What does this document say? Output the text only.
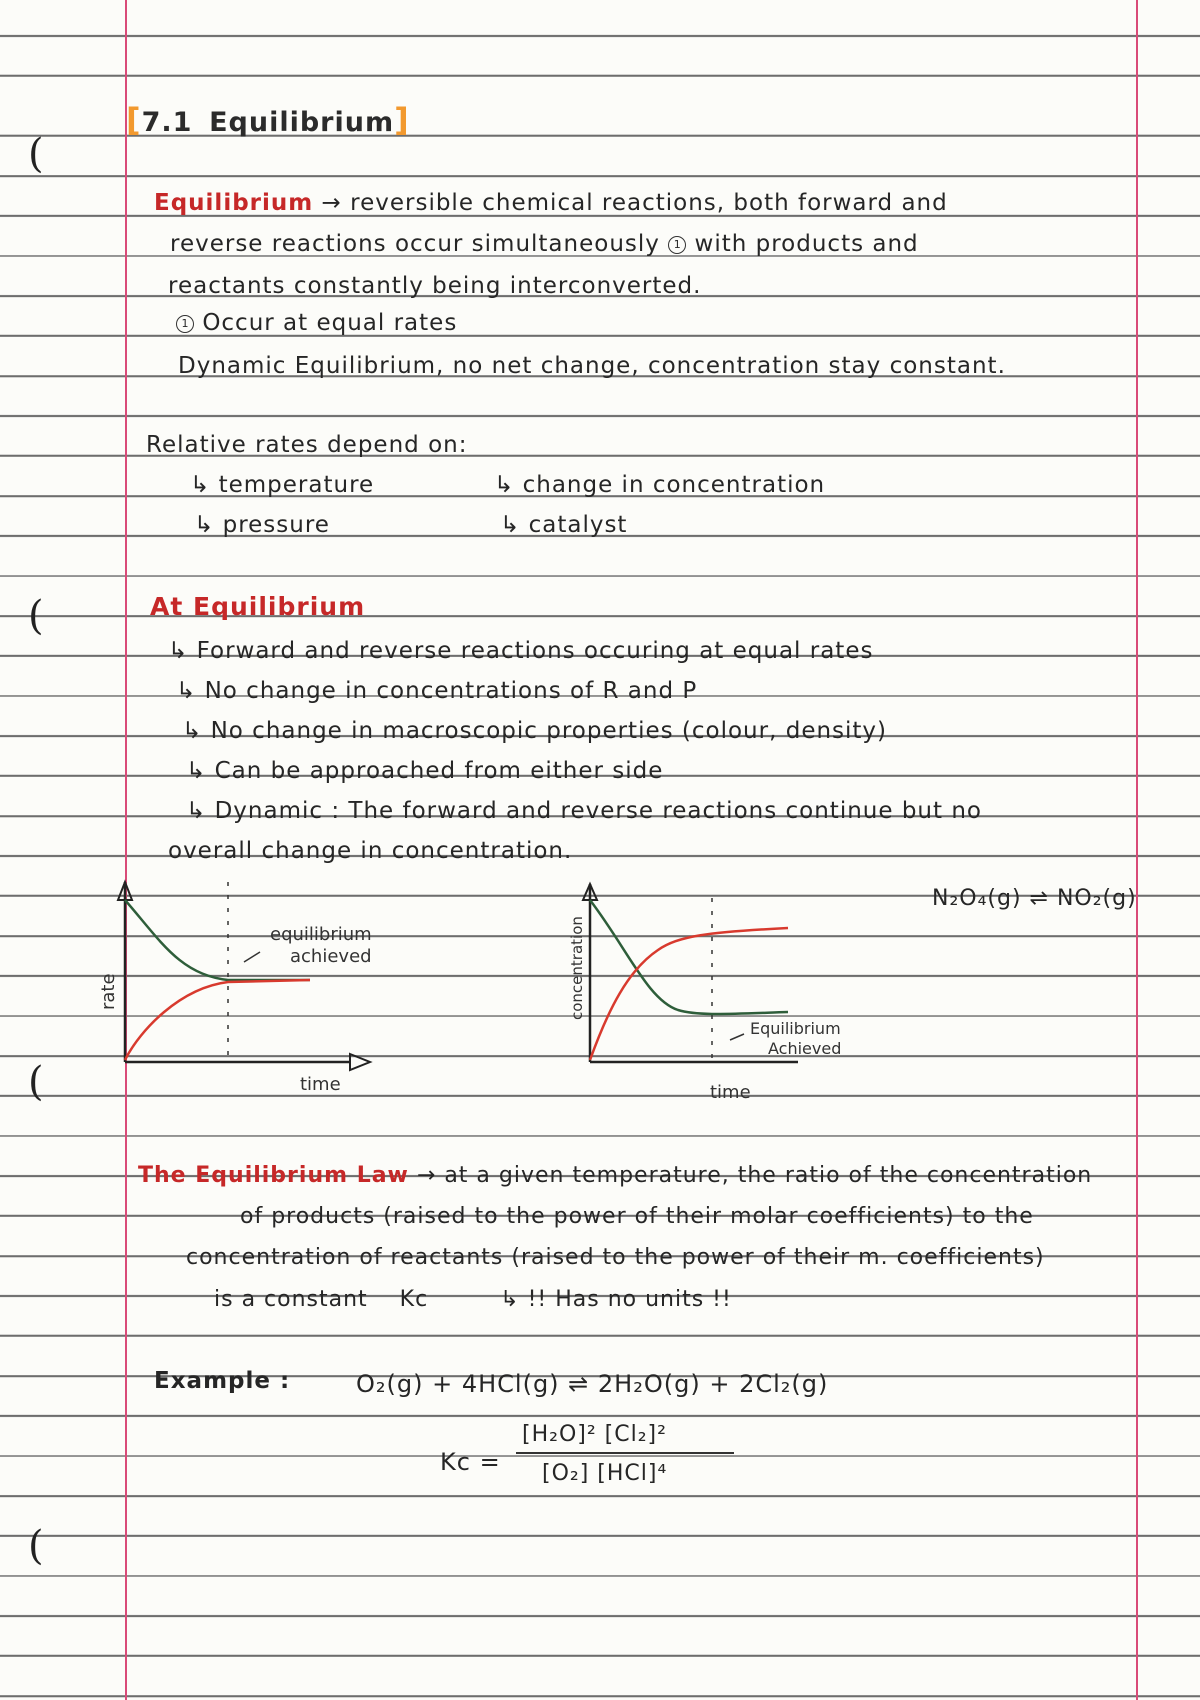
(
(
(
(
[7.1 Equilibrium]
Equilibrium → reversible chemical reactions, both forward and
reverse reactions occur simultaneously 1 with products and
reactants constantly being interconverted.
1 Occur at equal rates
Dynamic Equilibrium, no net change, concentration stay constant.
Relative rates depend on:
↳ temperature	↳ change in concentration
↳ pressure	↳ catalyst
At Equilibrium
↳ Forward and reverse reactions occuring at equal rates
↳ No change in concentrations of R and P
↳ No change in macroscopic properties (colour, density)
↳ Can be approached from either side
↳ Dynamic : The forward and reverse reactions continue but no
overall change in concentration.
equilibrium
achieved
time
rate
Equilibrium
Achieved
time
concentration
N₂O₄(g) ⇌ NO₂(g)
The Equilibrium Law → at a given temperature, the ratio of the concentration
of products (raised to the power of their molar coefficients) to the
concentration of reactants (raised to the power of their m. coefficients)
is a constant Kc	↳ !! Has no units !!
Example :	O₂(g) + 4HCl(g) ⇌ 2H₂O(g) + 2Cl₂(g)
Kc =
[H₂O]² [Cl₂]²
[O₂] [HCl]⁴
